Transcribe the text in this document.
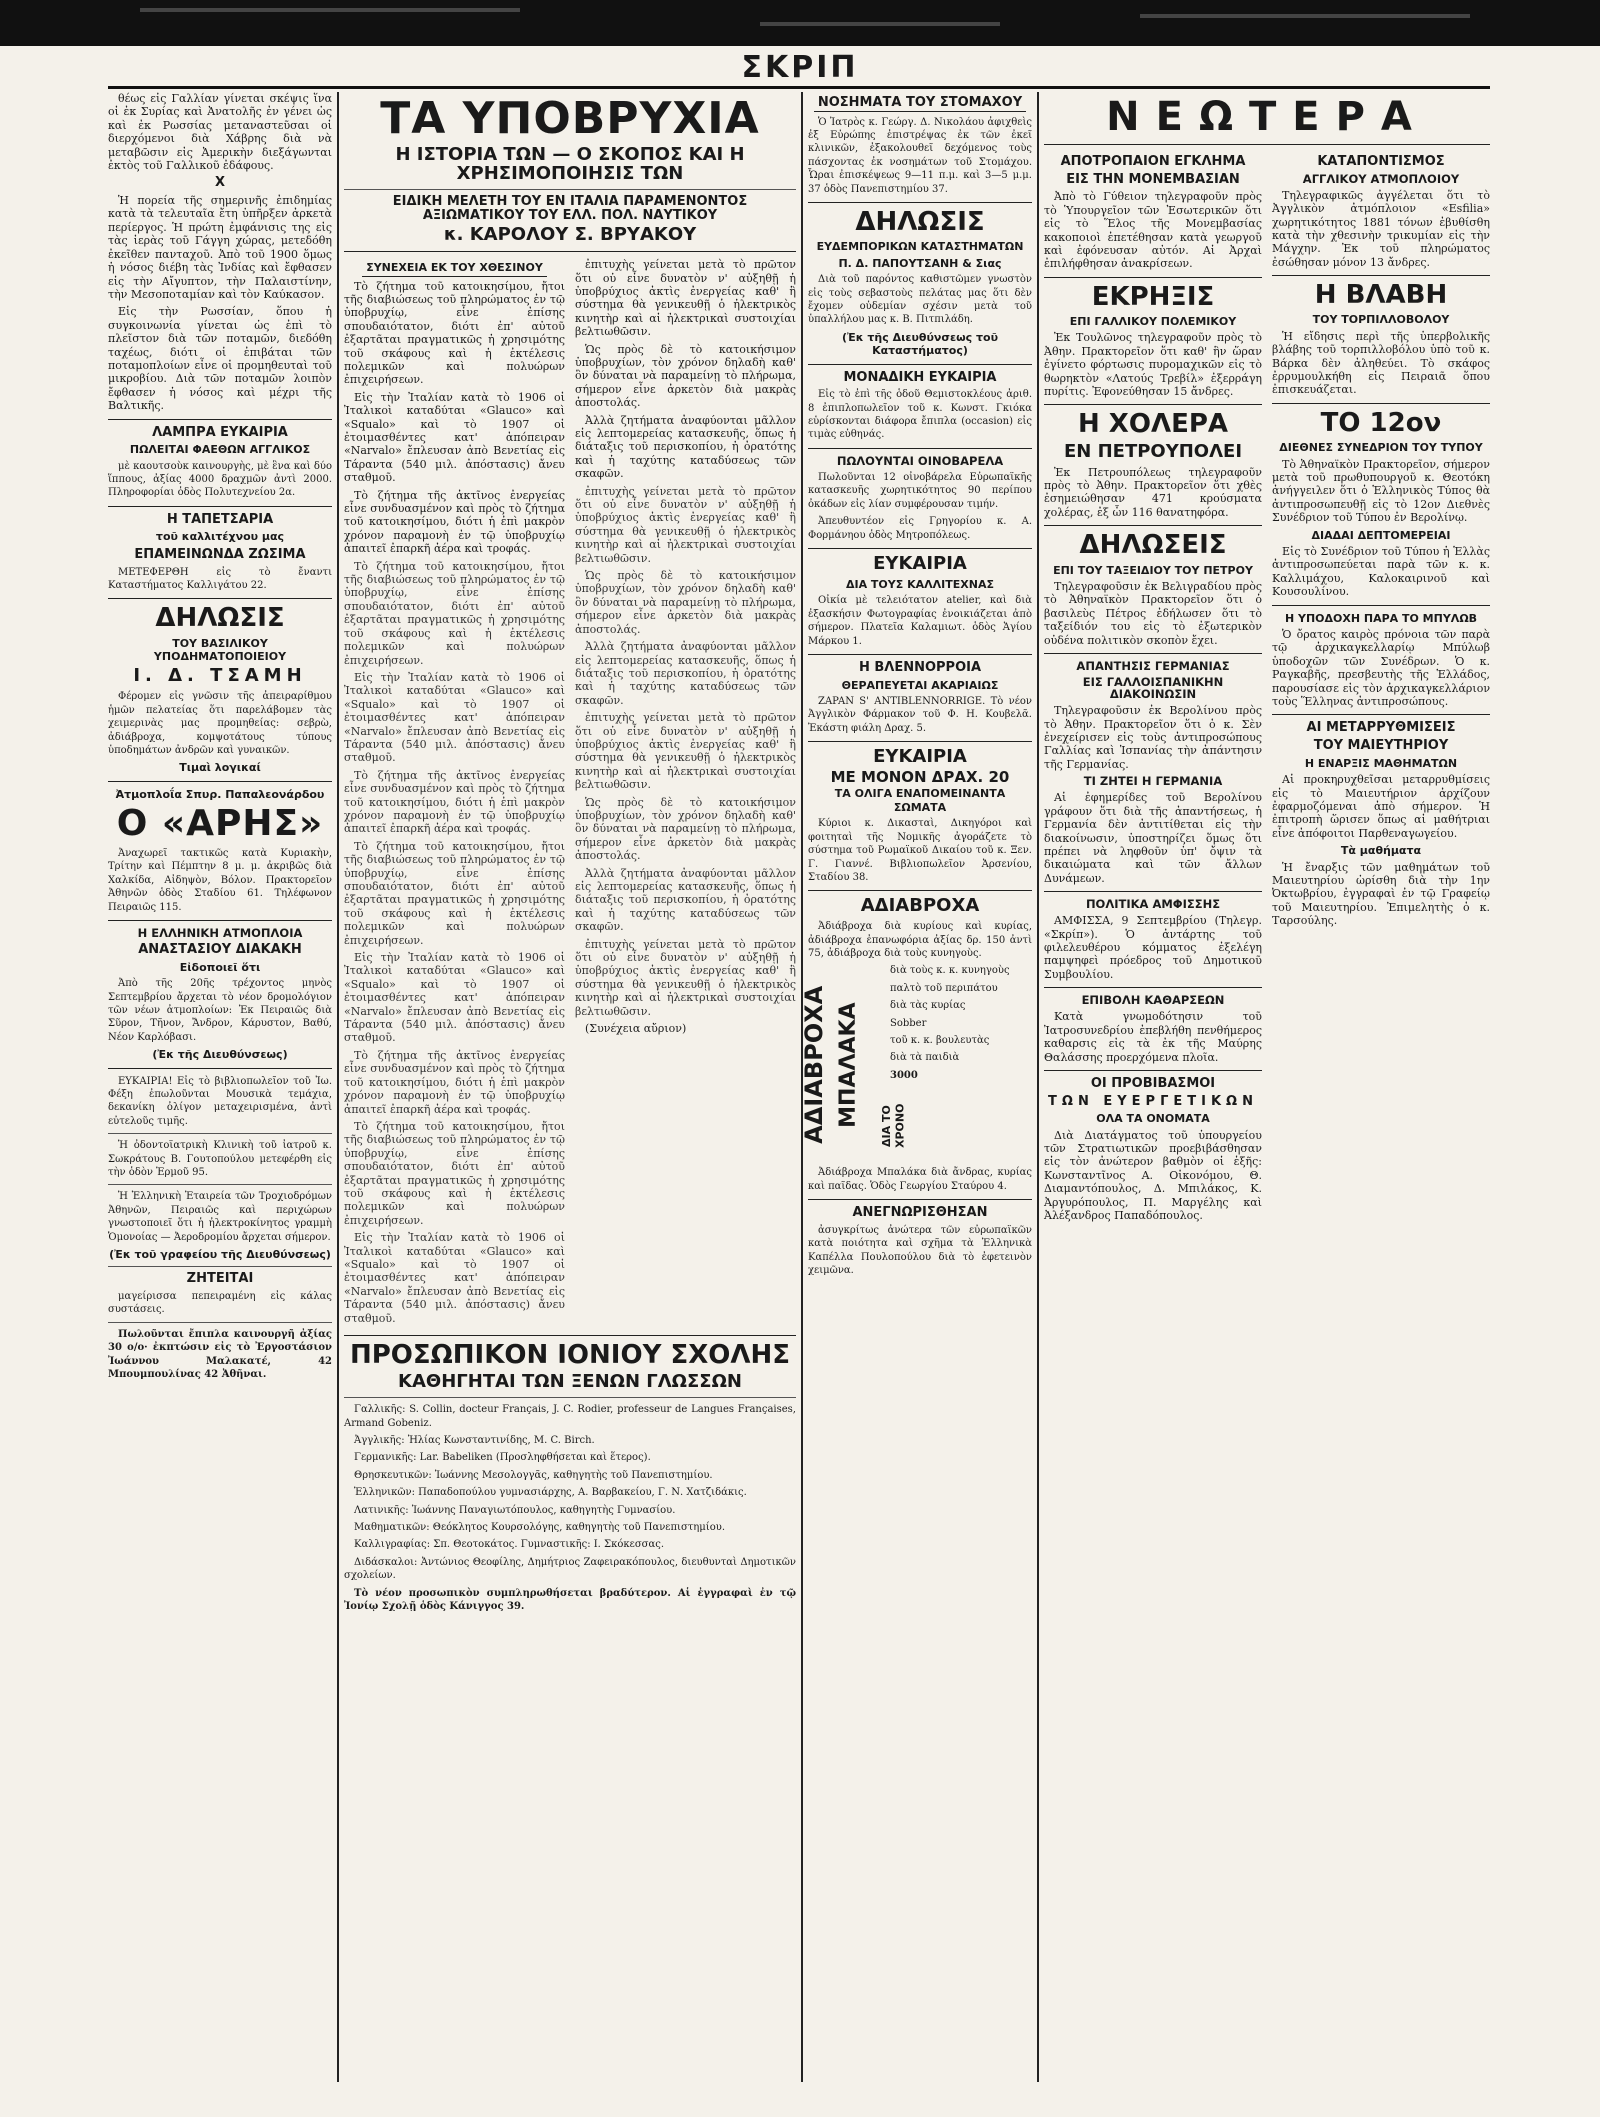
ΣΚΡΙΠ

θέως εἰς Γαλλίαν γίνεται σκέψις ἵνα οἱ ἐκ Συρίας καὶ Ἀνατολῆς ἐν γένει ὡς καὶ ἐκ Ρωσσίας μεταναστεῦσαι οἱ διερχόμενοι διὰ Χάβρης διὰ νὰ μεταβῶσιν εἰς Ἀμερικὴν διεξάγωνται ἐκτὸς τοῦ Γαλλικοῦ ἐδάφους.

X

Ἡ πορεία τῆς σημερινῆς ἐπιδημίας κατὰ τὰ τελευταῖα ἔτη ὑπῆρξεν ἀρκετὰ περίεργος. Ἡ πρώτη ἐμφάνισις της εἰς τὰς ἱερὰς τοῦ Γάγγη χώρας, μετεδόθη ἐκεῖθεν πανταχοῦ. Ἀπὸ τοῦ 1900 ὅμως ἡ νόσος διέβη τὰς Ἰνδίας καὶ ἔφθασεν εἰς τὴν Αἴγυπτον, τὴν Παλαιστίνην, τὴν Μεσοποταμίαν καὶ τὸν Καύκασον.

Εἰς τὴν Ρωσσίαν, ὅπου ἡ συγκοινωνία γίνεται ὡς ἐπὶ τὸ πλεῖστον διὰ τῶν ποταμῶν, διεδόθη ταχέως, διότι οἱ ἐπιβάται τῶν ποταμοπλοίων εἶνε οἱ προμηθευταὶ τοῦ μικροβίου. Διὰ τῶν ποταμῶν λοιπὸν ἔφθασεν ἡ νόσος καὶ μέχρι τῆς Βαλτικῆς.

ΛΑΜΠΡΑ ΕΥΚΑΙΡΙΑ
ΠΩΛΕΙΤΑΙ ΦΑΕΘΩΝ ΑΓΓΛΙΚΟΣ

μὲ καουτσοὺκ καινουργὴς, μὲ ἓνα καὶ δύο ἵππους, ἀξίας 4000 δραχμῶν ἀντὶ 2000. Πληροφορίαι ὁδὸς Πολυτεχνείου 2α.

Η ΤΑΠΕΤΣΑΡΙΑ
τοῦ καλλιτέχνου μας
ΕΠΑΜΕΙΝΩΝΔΑ ΖΩΣΙΜΑ

ΜΕΤΕΦΕΡΘΗ εἰς τὸ ἔναντι Καταστήματος Καλλιγάτου 22.

ΔΗΛΩΣΙΣ
ΤΟΥ ΒΑΣΙΛΙΚΟΥ ΥΠΟΔΗΜΑΤΟΠΟΙΕΙΟΥ
Ι. Δ. ΤΣΑΜΗ

Φέρομεν εἰς γνῶσιν τῆς ἀπειραρίθμου ἡμῶν πελατείας ὅτι παρελάβομεν τὰς χειμερινὰς μας προμηθείας: σεβρὼ, ἀδιάβροχα, κομψοτάτους τύπους ὑποδημάτων ἀνδρῶν καὶ γυναικῶν.

Τιμαὶ λογικαί
Ἀτμοπλοΐα Σπυρ. Παπαλεονάρδου
Ο «ΑΡΗΣ»

Ἀναχωρεῖ τακτικῶς κατὰ Κυριακὴν, Τρίτην καὶ Πέμπτην 8 μ. μ. ἀκριβῶς διὰ Χαλκίδα, Αἰδηψὸν, Βόλον. Πρακτορεῖον Ἀθηνῶν ὁδὸς Σταδίου 61. Τηλέφωνον Πειραιῶς 115.

Η ΕΛΛΗΝΙΚΗ ΑΤΜΟΠΛΟΙΑ
ΑΝΑΣΤΑΣΙΟΥ ΔΙΑΚΑΚΗ
Εἰδοποιεῖ ὅτι

Ἀπὸ τῆς 20ῆς τρέχοντος μηνὸς Σεπτεμβρίου ἄρχεται τὸ νέον δρομολόγιον τῶν νέων ἀτμοπλοίων: Ἐκ Πειραιῶς διὰ Σῦρον, Τῆνον, Ἄνδρον, Κάρυστον, Βαθύ, Νέον Καρλόβασι.

(Ἐκ τῆς Διευθύνσεως)

ΕΥΚΑΙΡΙΑ! Εἰς τὸ βιβλιοπωλεῖον τοῦ Ἰω. Φέξη ἐπωλοῦνται Μουσικὰ τεμάχια, δεκανίκη ὀλίγον μεταχειρισμένα, ἀντὶ εὐτελοῦς τιμῆς.

Ἡ ὀδοντοϊατρικὴ Κλινικὴ τοῦ ἰατροῦ κ. Σωκράτους Β. Γουτοπούλου μετεφέρθη εἰς τὴν ὁδὸν Ἑρμοῦ 95.

Ἡ Ἑλληνικὴ Ἑταιρεία τῶν Τροχιοδρόμων Ἀθηνῶν, Πειραιῶς καὶ περιχώρων γνωστοποιεῖ ὅτι ἡ ἠλεκτροκίνητος γραμμὴ Ὁμονοίας — Ἀεροδρομίου ἄρχεται σήμερον.

(Ἐκ τοῦ γραφείου τῆς Διευθύνσεως)
ΖΗΤΕΙΤΑΙ

μαγείρισσα πεπειραμένη εἰς κάλας συστάσεις.

Πωλοῦνται ἔπιπλα καινουργῆ ἀξίας 30 ο/ο· ἐκπτώσιν εἰς τὸ Ἐργοστάσιον Ἰωάννου Μαλακατέ, 42 Μπουμπουλίνας 42 Ἀθῆναι.

ΤΑ ΥΠΟΒΡΥΧΙΑ
Η ΙΣΤΟΡΙΑ ΤΩΝ — Ο ΣΚΟΠΟΣ ΚΑΙ Η ΧΡΗΣΙΜΟΠΟΙΗΣΙΣ ΤΩΝ
ΕΙΔΙΚΗ ΜΕΛΕΤΗ ΤΟΥ ΕΝ ΙΤΑΛΙΑ ΠΑΡΑΜΕΝΟΝΤΟΣ ΑΞΙΩΜΑΤΙΚΟΥ ΤΟΥ ΕΛΛ. ΠΟΛ. ΝΑΥΤΙΚΟΥ
κ. ΚΑΡΟΛΟΥ Σ. ΒΡΥΑΚΟΥ
ΣΥΝΕΧΕΙΑ ΕΚ ΤΟΥ ΧΘΕΣΙΝΟΥ

Τὸ ζήτημα τοῦ κατοικησίμου, ἤτοι τῆς διαβιώσεως τοῦ πληρώματος ἐν τῷ ὑποβρυχίῳ, εἶνε ἐπίσης σπουδαιότατον, διότι ἐπ' αὐτοῦ ἐξαρτᾶται πραγματικῶς ἡ χρησιμότης τοῦ σκάφους καὶ ἡ ἐκτέλεσις πολεμικῶν καὶ πολυώρων ἐπιχειρήσεων.

Εἰς τὴν Ἰταλίαν κατὰ τὸ 1906 οἱ Ἰταλικοὶ καταδύται «Glauco» καὶ «Squalo» καὶ τὸ 1907 οἱ ἐτοιμασθέντες κατ' ἀπόπειραν «Narvalo» ἔπλευσαν ἀπὸ Βενετίας εἰς Τάραντα (540 μιλ. ἀπόστασις) ἄνευ σταθμοῦ.

Τὸ ζήτημα τῆς ἀκτῖνος ἐνεργείας εἶνε συνδυασμένον καὶ πρὸς τὸ ζήτημα τοῦ κατοικησίμου, διότι ἡ ἐπὶ μακρὸν χρόνον παραμονὴ ἐν τῷ ὑποβρυχίῳ ἀπαιτεῖ ἐπαρκῆ ἀέρα καὶ τροφάς.

Τὸ ζήτημα τοῦ κατοικησίμου, ἤτοι τῆς διαβιώσεως τοῦ πληρώματος ἐν τῷ ὑποβρυχίῳ, εἶνε ἐπίσης σπουδαιότατον, διότι ἐπ' αὐτοῦ ἐξαρτᾶται πραγματικῶς ἡ χρησιμότης τοῦ σκάφους καὶ ἡ ἐκτέλεσις πολεμικῶν καὶ πολυώρων ἐπιχειρήσεων.

Εἰς τὴν Ἰταλίαν κατὰ τὸ 1906 οἱ Ἰταλικοὶ καταδύται «Glauco» καὶ «Squalo» καὶ τὸ 1907 οἱ ἐτοιμασθέντες κατ' ἀπόπειραν «Narvalo» ἔπλευσαν ἀπὸ Βενετίας εἰς Τάραντα (540 μιλ. ἀπόστασις) ἄνευ σταθμοῦ.

Τὸ ζήτημα τῆς ἀκτῖνος ἐνεργείας εἶνε συνδυασμένον καὶ πρὸς τὸ ζήτημα τοῦ κατοικησίμου, διότι ἡ ἐπὶ μακρὸν χρόνον παραμονὴ ἐν τῷ ὑποβρυχίῳ ἀπαιτεῖ ἐπαρκῆ ἀέρα καὶ τροφάς.

Τὸ ζήτημα τοῦ κατοικησίμου, ἤτοι τῆς διαβιώσεως τοῦ πληρώματος ἐν τῷ ὑποβρυχίῳ, εἶνε ἐπίσης σπουδαιότατον, διότι ἐπ' αὐτοῦ ἐξαρτᾶται πραγματικῶς ἡ χρησιμότης τοῦ σκάφους καὶ ἡ ἐκτέλεσις πολεμικῶν καὶ πολυώρων ἐπιχειρήσεων.

Εἰς τὴν Ἰταλίαν κατὰ τὸ 1906 οἱ Ἰταλικοὶ καταδύται «Glauco» καὶ «Squalo» καὶ τὸ 1907 οἱ ἐτοιμασθέντες κατ' ἀπόπειραν «Narvalo» ἔπλευσαν ἀπὸ Βενετίας εἰς Τάραντα (540 μιλ. ἀπόστασις) ἄνευ σταθμοῦ.

Τὸ ζήτημα τῆς ἀκτῖνος ἐνεργείας εἶνε συνδυασμένον καὶ πρὸς τὸ ζήτημα τοῦ κατοικησίμου, διότι ἡ ἐπὶ μακρὸν χρόνον παραμονὴ ἐν τῷ ὑποβρυχίῳ ἀπαιτεῖ ἐπαρκῆ ἀέρα καὶ τροφάς.

Τὸ ζήτημα τοῦ κατοικησίμου, ἤτοι τῆς διαβιώσεως τοῦ πληρώματος ἐν τῷ ὑποβρυχίῳ, εἶνε ἐπίσης σπουδαιότατον, διότι ἐπ' αὐτοῦ ἐξαρτᾶται πραγματικῶς ἡ χρησιμότης τοῦ σκάφους καὶ ἡ ἐκτέλεσις πολεμικῶν καὶ πολυώρων ἐπιχειρήσεων.

Εἰς τὴν Ἰταλίαν κατὰ τὸ 1906 οἱ Ἰταλικοὶ καταδύται «Glauco» καὶ «Squalo» καὶ τὸ 1907 οἱ ἐτοιμασθέντες κατ' ἀπόπειραν «Narvalo» ἔπλευσαν ἀπὸ Βενετίας εἰς Τάραντα (540 μιλ. ἀπόστασις) ἄνευ σταθμοῦ.

ἐπιτυχὴς γείνεται μετὰ τὸ πρῶτον ὅτι οὐ εἶνε δυνατὸν ν' αὐξηθῇ ἡ ὑποβρύχιος ἀκτὶς ἐνεργείας καθ' ἣ σύστημα θὰ γενικευθῇ ὁ ἠλεκτρικὸς κινητὴρ καὶ αἱ ἠλεκτρικαὶ συστοιχίαι βελτιωθῶσιν.

Ὡς πρὸς δὲ τὸ κατοικήσιμον ὑποβρυχίων, τὸν χρόνον δηλαδὴ καθ' ὃν δύναται νὰ παραμείνῃ τὸ πλήρωμα, σήμερον εἶνε ἀρκετὸν διὰ μακρὰς ἀποστολάς.

Ἀλλὰ ζητήματα ἀναφύονται μᾶλλον εἰς λεπτομερείας κατασκευῆς, ὅπως ἡ διάταξις τοῦ περισκοπίου, ἡ ὀρατότης καὶ ἡ ταχύτης καταδύσεως τῶν σκαφῶν.

ἐπιτυχὴς γείνεται μετὰ τὸ πρῶτον ὅτι οὐ εἶνε δυνατὸν ν' αὐξηθῇ ἡ ὑποβρύχιος ἀκτὶς ἐνεργείας καθ' ἣ σύστημα θὰ γενικευθῇ ὁ ἠλεκτρικὸς κινητὴρ καὶ αἱ ἠλεκτρικαὶ συστοιχίαι βελτιωθῶσιν.

Ὡς πρὸς δὲ τὸ κατοικήσιμον ὑποβρυχίων, τὸν χρόνον δηλαδὴ καθ' ὃν δύναται νὰ παραμείνῃ τὸ πλήρωμα, σήμερον εἶνε ἀρκετὸν διὰ μακρὰς ἀποστολάς.

Ἀλλὰ ζητήματα ἀναφύονται μᾶλλον εἰς λεπτομερείας κατασκευῆς, ὅπως ἡ διάταξις τοῦ περισκοπίου, ἡ ὀρατότης καὶ ἡ ταχύτης καταδύσεως τῶν σκαφῶν.

ἐπιτυχὴς γείνεται μετὰ τὸ πρῶτον ὅτι οὐ εἶνε δυνατὸν ν' αὐξηθῇ ἡ ὑποβρύχιος ἀκτὶς ἐνεργείας καθ' ἣ σύστημα θὰ γενικευθῇ ὁ ἠλεκτρικὸς κινητὴρ καὶ αἱ ἠλεκτρικαὶ συστοιχίαι βελτιωθῶσιν.

Ὡς πρὸς δὲ τὸ κατοικήσιμον ὑποβρυχίων, τὸν χρόνον δηλαδὴ καθ' ὃν δύναται νὰ παραμείνῃ τὸ πλήρωμα, σήμερον εἶνε ἀρκετὸν διὰ μακρὰς ἀποστολάς.

Ἀλλὰ ζητήματα ἀναφύονται μᾶλλον εἰς λεπτομερείας κατασκευῆς, ὅπως ἡ διάταξις τοῦ περισκοπίου, ἡ ὀρατότης καὶ ἡ ταχύτης καταδύσεως τῶν σκαφῶν.

ἐπιτυχὴς γείνεται μετὰ τὸ πρῶτον ὅτι οὐ εἶνε δυνατὸν ν' αὐξηθῇ ἡ ὑποβρύχιος ἀκτὶς ἐνεργείας καθ' ἣ σύστημα θὰ γενικευθῇ ὁ ἠλεκτρικὸς κινητὴρ καὶ αἱ ἠλεκτρικαὶ συστοιχίαι βελτιωθῶσιν.

(Συνέχεια αὔριον)

ΠΡΟΣΩΠΙΚΟΝ ΙΟΝΙΟΥ ΣΧΟΛΗΣ
ΚΑΘΗΓΗΤΑΙ ΤΩΝ ΞΕΝΩΝ ΓΛΩΣΣΩΝ

Γαλλικῆς: S. Collin, docteur Français, J. C. Rodier, professeur de Langues Françaises, Armand Gobeniz.

Ἀγγλικῆς: Ἠλίας Κωνσταντινίδης, M. C. Birch.

Γερμανικῆς: Lar. Babeliken (Προσληφθήσεται καὶ ἕτερος).

Θρησκευτικῶν: Ἰωάννης Μεσολογγᾶς, καθηγητὴς τοῦ Πανεπιστημίου.

Ἑλληνικῶν: Παπαδοπούλου γυμνασιάρχης, Α. Βαρβακείου, Γ. Ν. Χατζιδάκις.

Λατινικῆς: Ἰωάννης Παναγιωτόπουλος, καθηγητὴς Γυμνασίου.

Μαθηματικῶν: Θεόκλητος Κουρσολόγης, καθηγητὴς τοῦ Πανεπιστημίου.

Καλλιγραφίας: Σπ. Θεοτοκάτος. Γυμναστικῆς: Ι. Σκόκεσσας.

Διδάσκαλοι: Ἀντώνιος Θεοφίλης, Δημήτριος Ζαφειρακόπουλος, διευθυνταὶ Δημοτικῶν σχολείων.

Τὸ νέον προσωπικὸν συμπληρωθήσεται βραδύτερον. Αἱ ἐγγραφαὶ ἐν τῷ Ἰονίῳ Σχολῇ ὁδὸς Κάνιγγος 39.

ΝΟΣΗΜΑΤΑ ΤΟΥ ΣΤΟΜΑΧΟΥ

Ὁ Ἰατρὸς κ. Γεώργ. Δ. Νικολάου ἀφιχθεὶς ἐξ Εὐρώπης ἐπιστρέψας ἐκ τῶν ἐκεῖ κλινικῶν, ἐξακολουθεῖ δεχόμενος τοὺς πάσχοντας ἐκ νοσημάτων τοῦ Στομάχου. Ὧραι ἐπισκέψεως 9—11 π.μ. καὶ 3—5 μ.μ. 37 ὁδὸς Πανεπιστημίου 37.

ΔΗΛΩΣΙΣ
ΕΥΔΕΜΠΟΡΙΚΩΝ ΚΑΤΑΣΤΗΜΑΤΩΝ
Π. Δ. ΠΑΠΟΥΤΣΑΝΗ & Σιας

Διὰ τοῦ παρόντος καθιστῶμεν γνωστὸν εἰς τοὺς σεβαστοὺς πελάτας μας ὅτι δὲν ἔχομεν οὐδεμίαν σχέσιν μετὰ τοῦ ὑπαλλήλου μας κ. Β. Πιτπιλάδη.

(Ἐκ τῆς Διευθύνσεως τοῦ Καταστήματος)
ΜΟΝΑΔΙΚΗ ΕΥΚΑΙΡΙΑ

Εἰς τὸ ἐπὶ τῆς ὁδοῦ Θεμιστοκλέους ἀριθ. 8 ἐπιπλοπωλεῖον τοῦ κ. Κωνστ. Γκιόκα εὑρίσκονται διάφορα ἔπιπλα (occasion) εἰς τιμὰς εὐθηνάς.

ΠΩΛΟΥΝΤΑΙ ΟΙΝΟΒΑΡΕΛΑ

Πωλοῦνται 12 οἰνοβάρελα Εὐρωπαϊκῆς κατασκευῆς χωρητικότητος 90 περίπου ὀκάδων εἰς λίαν συμφέρουσαν τιμήν.

Ἀπευθυντέον εἰς Γρηγορίου κ. Α. Φορμάνηου ὁδὸς Μητροπόλεως.

ΕΥΚΑΙΡΙΑ
ΔΙΑ ΤΟΥΣ ΚΑΛΛΙΤΕΧΝΑΣ

Οἰκία μὲ τελειότατον atelier, καὶ διὰ ἐξασκήσιν Φωτογραφίας ἐνοικιάζεται ἀπὸ σήμερον. Πλατεῖα Καλαμιωτ. ὁδὸς Ἁγίου Μάρκου 1.

Η ΒΛΕΝΝΟΡΡΟΙΑ
ΘΕΡΑΠΕΥΕΤΑΙ ΑΚΑΡΙΑΙΩΣ

ZAPAN S' ANTIBLENNORRIGE. Τὸ νέον Ἀγγλικὸν Φάρμακον τοῦ Φ. Η. Κουβελᾶ. Ἐκάστη φιάλη Δραχ. 5.

ΕΥΚΑΙΡΙΑ
ΜΕ ΜΟΝΟΝ ΔΡΑΧ. 20
ΤΑ ΟΛΙΓΑ ΕΝΑΠΟΜΕΙΝΑΝΤΑ ΣΩΜΑΤΑ

Κύριοι κ. Δικασταὶ, Δικηγόροι καὶ φοιτηταὶ τῆς Νομικῆς ἀγοράζετε τὸ σύστημα τοῦ Ρωμαϊκοῦ Δικαίου τοῦ κ. Ξεν. Γ. Γιαννέ. Βιβλιοπωλεῖον Ἀρσενίου, Σταδίου 38.

ΑΔΙΑΒΡΟΧΑ

Ἀδιάβροχα διὰ κυρίους καὶ κυρίας, ἀδιάβροχα ἐπανωφόρια ἀξίας δρ. 150 ἀντὶ 75, ἀδιάβροχα διὰ τοὺς κυνηγοὺς.

ΑΔΙΑΒΡΟΧΑ ΜΠΑΛΑΚΑ

διὰ τοὺς κ. κ. κυνηγοὺς

παλτὸ τοῦ περιπάτου

διὰ τὰς κυρίας

Sobber

τοῦ κ. κ. βουλευτὰς

διὰ τὰ παιδιὰ

3000

ΔΙΑ ΤΟ ΧΡΟΝΟ

Ἀδιάβροχα Μπαλάκα διὰ ἄνδρας, κυρίας καὶ παῖδας. Ὁδὸς Γεωργίου Σταύρου 4.

ΑΝΕΓΝΩΡΙΣΘΗΣΑΝ

ἀσυγκρίτως ἀνώτερα τῶν εὐρωπαϊκῶν κατὰ ποιότητα καὶ σχῆμα τὰ Ἑλληνικὰ Καπέλλα Πουλοπούλου διὰ τὸ ἐφετεινὸν χειμῶνα.

ΝΕΩΤΕΡΑ
ΑΠΟΤΡΟΠΑΙΟΝ ΕΓΚΛΗΜΑ
ΕΙΣ ΤΗΝ ΜΟΝΕΜΒΑΣΙΑΝ

Ἀπὸ τὸ Γύθειον τηλεγραφοῦν πρὸς τὸ Ὑπουργεῖον τῶν Ἐσωτερικῶν ὅτι εἰς τὸ Ἕλος τῆς Μονεμβασίας κακοποιοὶ ἐπετέθησαν κατὰ γεωργοῦ καὶ ἐφόνευσαν αὐτόν. Αἱ Ἀρχαὶ ἐπιλήφθησαν ἀνακρίσεων.

ΕΚΡΗΞΙΣ
ΕΠΙ ΓΑΛΛΙΚΟΥ ΠΟΛΕΜΙΚΟΥ

Ἐκ Τουλῶνος τηλεγραφοῦν πρὸς τὸ Ἀθην. Πρακτορεῖον ὅτι καθ' ἣν ὥραν ἐγίνετο φόρτωσις πυρομαχικῶν εἰς τὸ θωρηκτὸν «Λατούς Τρεβίλ» ἐξερράγη πυρίτις. Ἐφονεύθησαν 15 ἄνδρες.

Η ΧΟΛΕΡΑ
ΕΝ ΠΕΤΡΟΥΠΟΛΕΙ

Ἐκ Πετρουπόλεως τηλεγραφοῦν πρὸς τὸ Ἀθην. Πρακτορεῖον ὅτι χθὲς ἐσημειώθησαν 471 κρούσματα χολέρας, ἐξ ὧν 116 θανατηφόρα.

ΔΗΛΩΣΕΙΣ
ΕΠΙ ΤΟΥ ΤΑΞΕΙΔΙΟΥ ΤΟΥ ΠΕΤΡΟΥ

Τηλεγραφοῦσιν ἐκ Βελιγραδίου πρὸς τὸ Ἀθηναϊκὸν Πρακτορεῖον ὅτι ὁ βασιλεὺς Πέτρος ἐδήλωσεν ὅτι τὸ ταξείδιόν του εἰς τὸ ἐξωτερικὸν οὐδένα πολιτικὸν σκοπὸν ἔχει.

ΑΠΑΝΤΗΣΙΣ ΓΕΡΜΑΝΙΑΣ
ΕΙΣ ΓΑΛΛΟΙΣΠΑΝΙΚΗΝ ΔΙΑΚΟΙΝΩΣΙΝ

Τηλεγραφοῦσιν ἐκ Βερολίνου πρὸς τὸ Ἀθην. Πρακτορεῖον ὅτι ὁ κ. Σὲν ἐνεχείρισεν εἰς τοὺς ἀντιπροσώπους Γαλλίας καὶ Ἱσπανίας τὴν ἀπάντησιν τῆς Γερμανίας.

ΤΙ ΖΗΤΕΙ Η ΓΕΡΜΑΝΙΑ

Αἱ ἐφημερίδες τοῦ Βερολίνου γράφουν ὅτι διὰ τῆς ἀπαντήσεως, ἡ Γερμανία δὲν ἀντιτίθεται εἰς τὴν διακοίνωσιν, ὑποστηρίζει ὅμως ὅτι πρέπει νὰ ληφθοῦν ὑπ' ὄψιν τὰ δικαιώματα καὶ τῶν ἄλλων Δυνάμεων.

ΠΟΛΙΤΙΚΑ ΑΜΦΙΣΣΗΣ

ΑΜΦΙΣΣΑ, 9 Σεπτεμβρίου (Τηλεγρ. «Σκρίπ»). Ὁ ἀντάρτης τοῦ φιλελευθέρου κόμματος ἐξελέγη παμψηφεὶ πρόεδρος τοῦ Δημοτικοῦ Συμβουλίου.

ΕΠΙΒΟΛΗ ΚΑΘΑΡΣΕΩΝ

Κατὰ γνωμοδότησιν τοῦ Ἰατροσυνεδρίου ἐπεβλήθη πενθήμερος καθαρσις εἰς τὰ ἐκ τῆς Μαύρης Θαλάσσης προερχόμενα πλοῖα.

ΟΙ ΠΡΟΒΙΒΑΣΜΟΙ
ΤΩΝ ΕΥΕΡΓΕΤΙΚΩΝ
ΟΛΑ ΤΑ ΟΝΟΜΑΤΑ

Διὰ Διατάγματος τοῦ ὑπουργείου τῶν Στρατιωτικῶν προεβιβάσθησαν εἰς τὸν ἀνώτερον βαθμὸν οἱ ἑξῆς: Κωνσταντῖνος Α. Οἰκονόμου, Θ. Διαμαντόπουλος, Δ. Μπιλάκος, Κ. Ἀργυρόπουλος, Π. Μαργέλης καὶ Ἀλέξανδρος Παπαδόπουλος.

ΚΑΤΑΠΟΝΤΙΣΜΟΣ
ΑΓΓΛΙΚΟΥ ΑΤΜΟΠΛΟΙΟΥ

Τηλεγραφικῶς ἀγγέλεται ὅτι τὸ Ἀγγλικὸν ἀτμόπλοιον «Esfilia» χωρητικότητος 1881 τόνων ἐβυθίσθη κατὰ τὴν χθεσινὴν τρικυμίαν εἰς τὴν Μάγχην. Ἐκ τοῦ πληρώματος ἐσώθησαν μόνον 13 ἄνδρες.

Η ΒΛΑΒΗ
ΤΟΥ ΤΟΡΠΙΛΛΟΒΟΛΟΥ

Ἡ εἴδησις περὶ τῆς ὑπερβολικῆς βλάβης τοῦ τορπιλλοβόλου ὑπὸ τοῦ κ. Βάρκα δὲν ἀληθεύει. Τὸ σκάφος ἐρρυμουλκήθη εἰς Πειραιᾶ ὅπου ἐπισκευάζεται.

ΤΟ 12ον
ΔΙΕΘΝΕΣ ΣΥΝΕΔΡΙΟΝ ΤΟΥ ΤΥΠΟΥ

Τὸ Ἀθηναϊκὸν Πρακτορεῖον, σήμερον μετὰ τοῦ πρωθυπουργοῦ κ. Θεοτόκη ἀνήγγειλεν ὅτι ὁ Ἑλληνικὸς Τύπος θὰ ἀντιπροσωπευθῇ εἰς τὸ 12ον Διεθνὲς Συνέδριον τοῦ Τύπου ἐν Βερολίνῳ.

ΔΙΑΔΑΙ ΔΕΠΤΟΜΕΡΕΙΑΙ

Εἰς τὸ Συνέδριον τοῦ Τύπου ἡ Ἑλλὰς ἀντιπροσωπεύεται παρὰ τῶν κ. κ. Καλλιμάχου, Καλοκαιρινοῦ καὶ Κουσουλίνου.

Η ΥΠΟΔΟΧΗ ΠΑΡΑ ΤΟ ΜΠΥΛΩΒ

Ὁ ὄρατος καιρὸς πρόνοια τῶν παρὰ τῷ ἀρχικαγκελλαρίῳ Μπύλωβ ὑποδοχῶν τῶν Συνέδρων. Ὁ κ. Ραγκαβῆς, πρεσβευτὴς τῆς Ἑλλάδος, παρουσίασε εἰς τὸν ἀρχικαγκελλάριον τοὺς Ἕλληνας ἀντιπροσώπους.

ΑΙ ΜΕΤΑΡΡΥΘΜΙΣΕΙΣ
ΤΟΥ ΜΑΙΕΥΤΗΡΙΟΥ
Η ΕΝΑΡΞΙΣ ΜΑΘΗΜΑΤΩΝ

Αἱ προκηρυχθεῖσαι μεταρρυθμίσεις εἰς τὸ Μαιευτήριον ἀρχίζουν ἐφαρμοζόμεναι ἀπὸ σήμερον. Ἡ ἐπιτροπὴ ὥρισεν ὅπως αἱ μαθήτριαι εἶνε ἀπόφοιτοι Παρθεναγωγείου.

Τὰ μαθήματα

Ἡ ἔναρξις τῶν μαθημάτων τοῦ Μαιευτηρίου ὡρίσθη διὰ τὴν 1ην Ὀκτωβρίου, ἐγγραφαὶ ἐν τῷ Γραφείῳ τοῦ Μαιευτηρίου. Ἐπιμελητὴς ὁ κ. Ταρσούλης.
